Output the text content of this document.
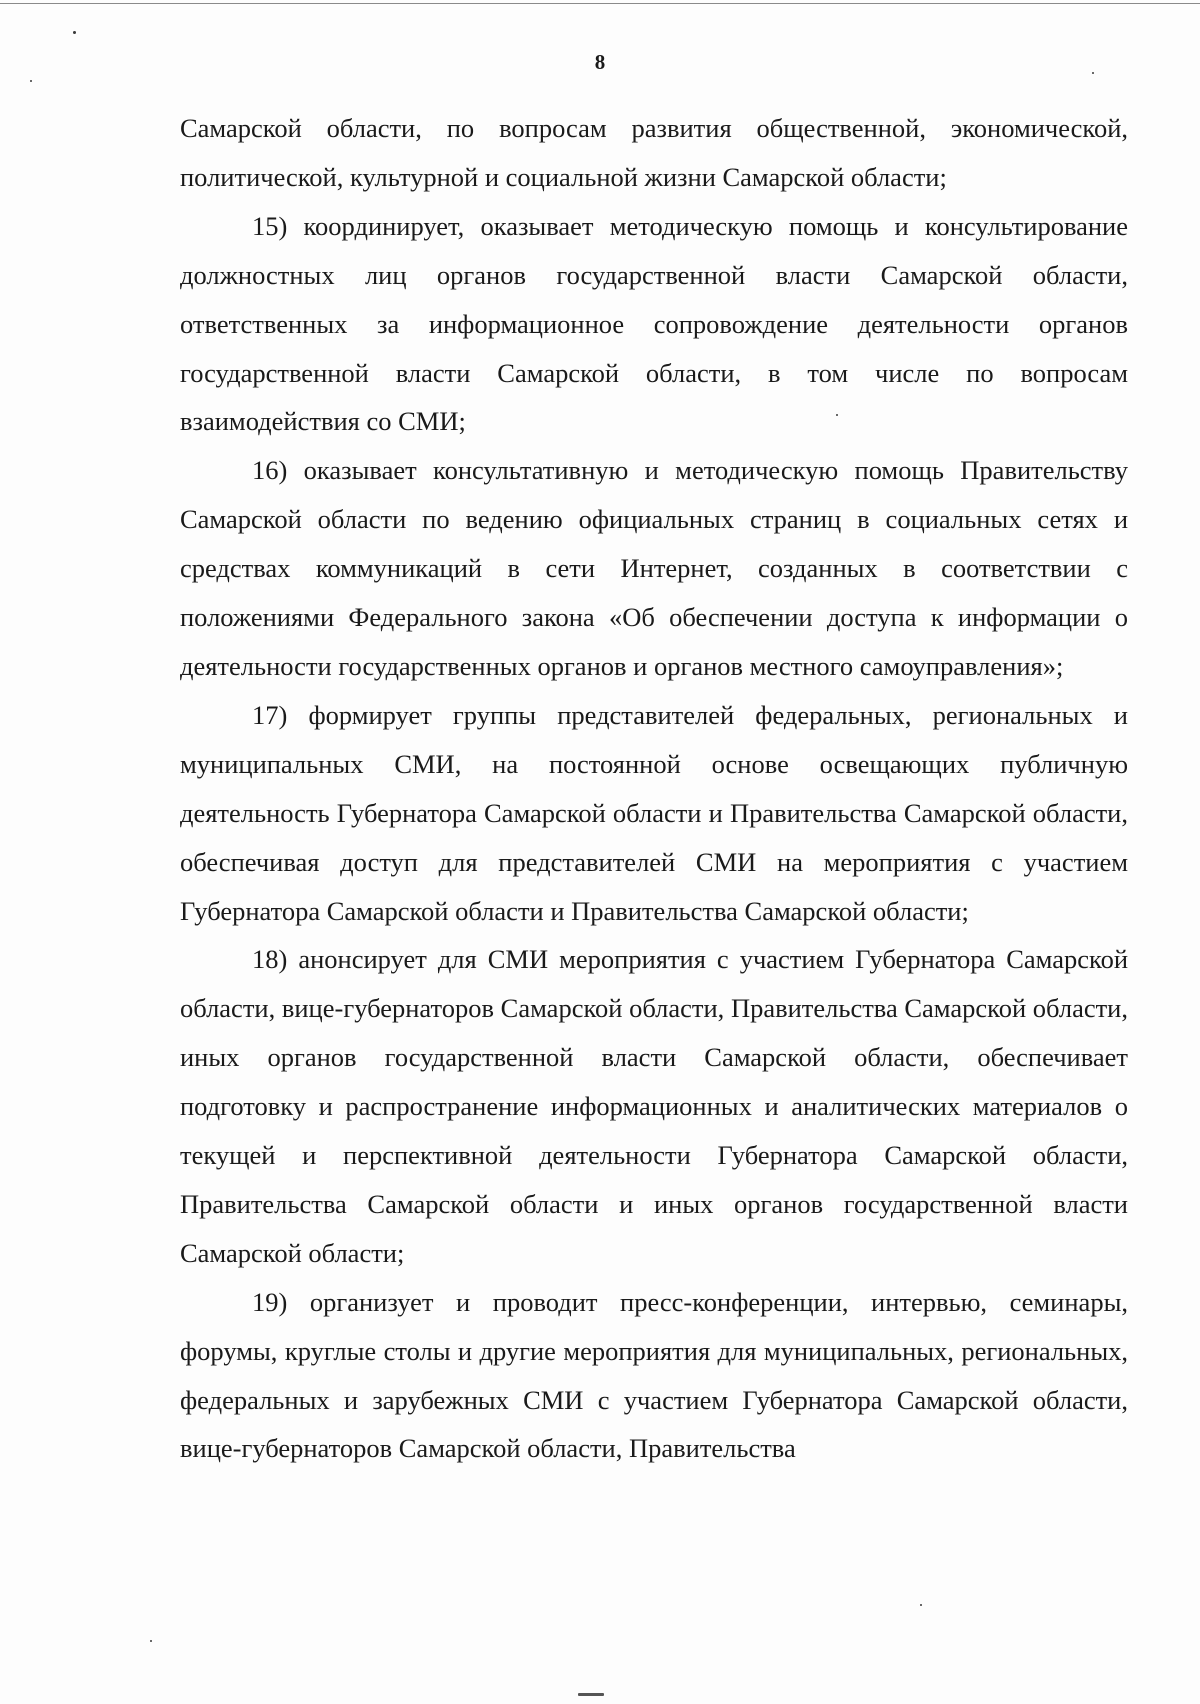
8

Самарской области, по вопросам развития общественной, экономической, политической, культурной и социальной жизни Самарской области;

15) координирует, оказывает методическую помощь и консультирование должностных лиц органов государственной власти Самарской области, ответственных за информационное сопровождение деятельности органов государственной власти Самарской области, в том числе по вопросам взаимодействия со СМИ;

16) оказывает консультативную и методическую помощь Правительству Самарской области по ведению официальных страниц в социальных сетях и средствах коммуникаций в сети Интернет, созданных в соответствии с положениями Федерального закона «Об обеспечении доступа к информации о деятельности государственных органов и органов местного самоуправления»;

17) формирует группы представителей федеральных, региональных и муниципальных СМИ, на постоянной основе освещающих публичную деятельность Губернатора Самарской области и Правительства Самарской области, обеспечивая доступ для представителей СМИ на мероприятия с участием Губернатора Самарской области и Правительства Самарской области;

18) анонсирует для СМИ мероприятия с участием Губернатора Самарской области, вице-губернаторов Самарской области, Правительства Самарской области, иных органов государственной власти Самарской области, обеспечивает подготовку и распространение информационных и аналитических материалов о текущей и перспективной деятельности Губернатора Самарской области, Правительства Самарской области и иных органов государственной власти Самарской области;

19) организует и проводит пресс-конференции, интервью, семинары, форумы, круглые столы и другие мероприятия для муниципальных, региональных, федеральных и зарубежных СМИ с участием Губернатора Самарской области, вице-губернаторов Самарской области, Правительства
